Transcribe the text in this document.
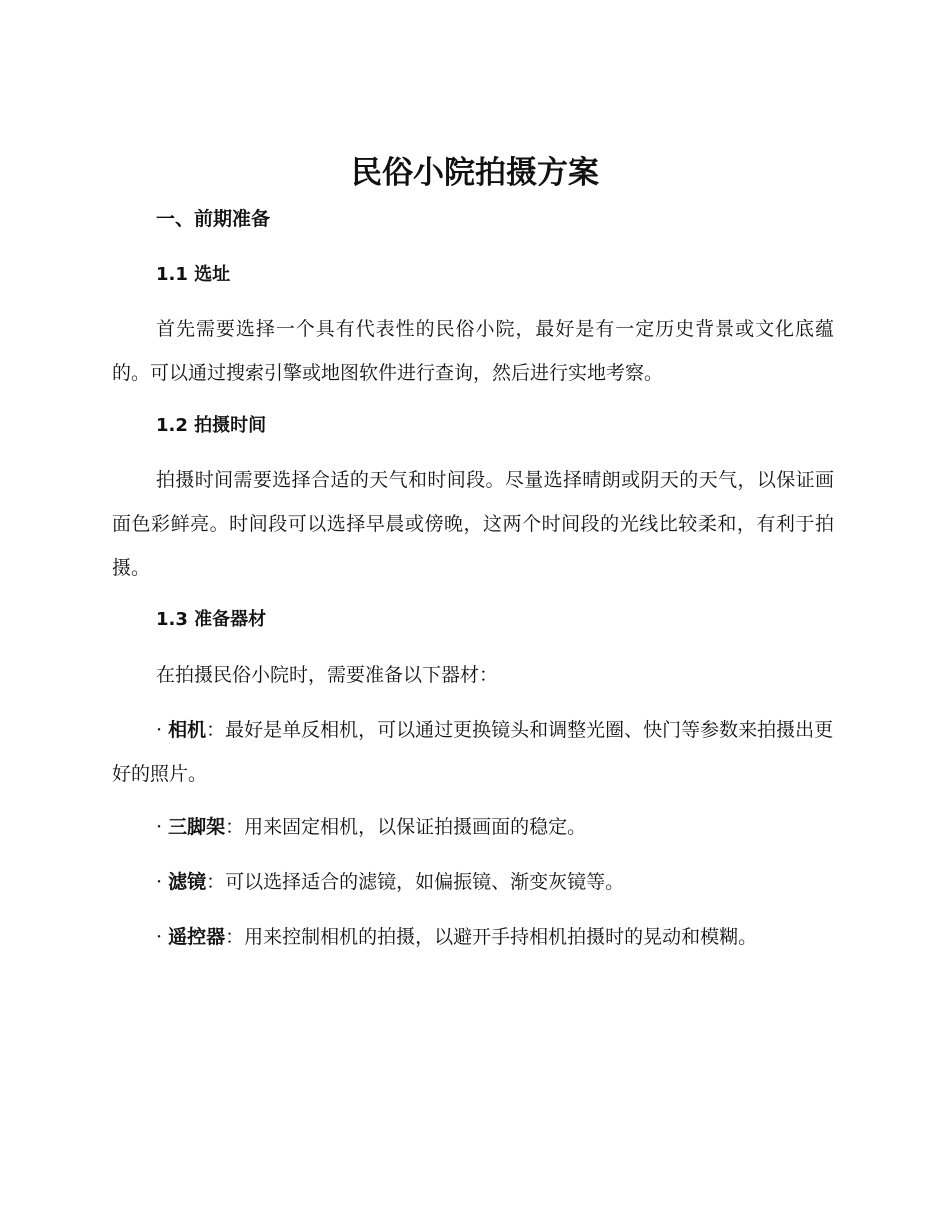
民俗小院拍摄方案
一、前期准备
1.1 选址

首先需要选择一个具有代表性的民俗小院，最好是有一定历史背景或文化底蕴的。可以通过搜索引擎或地图软件进行查询，然后进行实地考察。

1.2 拍摄时间

拍摄时间需要选择合适的天气和时间段。尽量选择晴朗或阴天的天气，以保证画面色彩鲜亮。时间段可以选择早晨或傍晚，这两个时间段的光线比较柔和，有利于拍摄。

1.3 准备器材

在拍摄民俗小院时，需要准备以下器材：

· 相机：最好是单反相机，可以通过更换镜头和调整光圈、快门等参数来拍摄出更好的照片。

· 三脚架：用来固定相机，以保证拍摄画面的稳定。

· 滤镜：可以选择适合的滤镜，如偏振镜、渐变灰镜等。

· 遥控器：用来控制相机的拍摄，以避开手持相机拍摄时的晃动和模糊。
